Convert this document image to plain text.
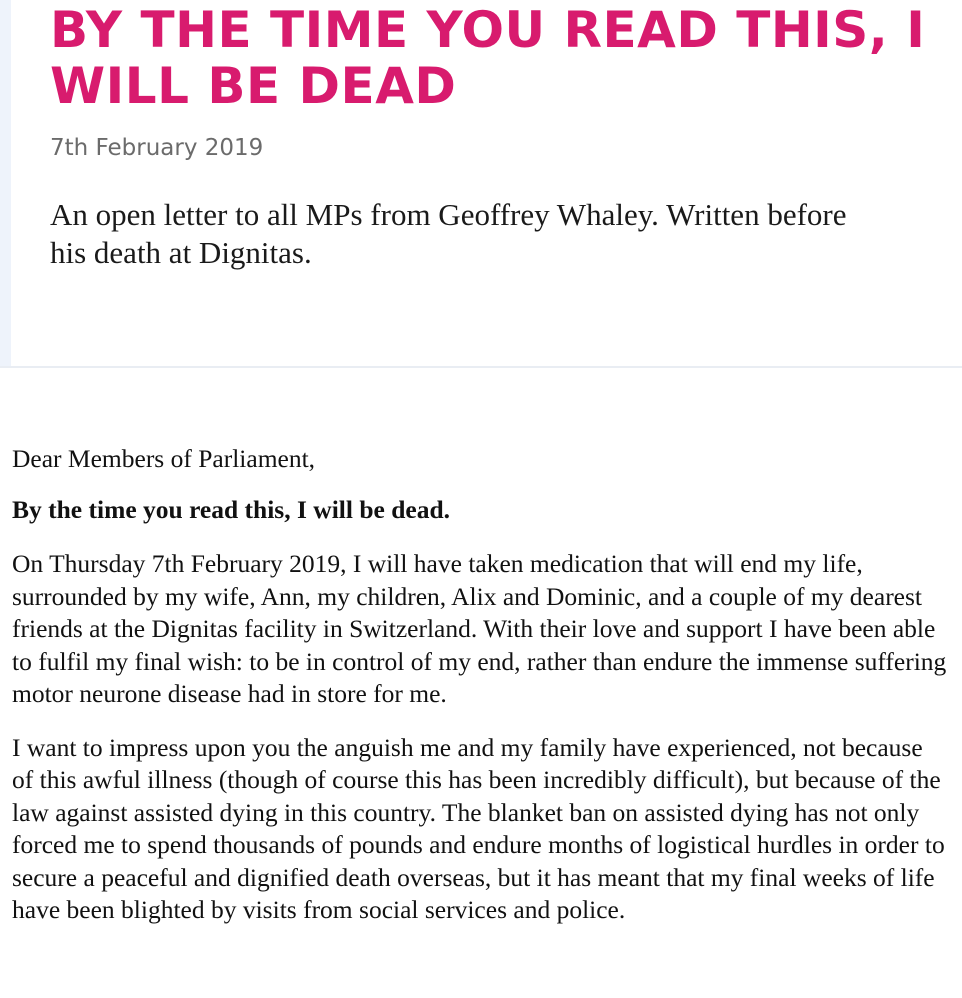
BY THE TIME YOU READ THIS, I WILL BE DEAD
7th February 2019

An open letter to all MPs from Geoffrey Whaley. Written before his death at Dignitas.

Dear Members of Parliament,

By the time you read this, I will be dead.

On Thursday 7th February 2019, I will have taken medication that will end my life, surrounded by my wife, Ann, my children, Alix and Dominic, and a couple of my dearest friends at the Dignitas facility in Switzerland. With their love and support I have been able to fulfil my final wish: to be in control of my end, rather than endure the immense suffering motor neurone disease had in store for me.

I want to impress upon you the anguish me and my family have experienced, not because of this awful illness (though of course this has been incredibly difficult), but because of the law against assisted dying in this country. The blanket ban on assisted dying has not only forced me to spend thousands of pounds and endure months of logistical hurdles in order to secure a peaceful and dignified death overseas, but it has meant that my final weeks of life have been blighted by visits from social services and police.
